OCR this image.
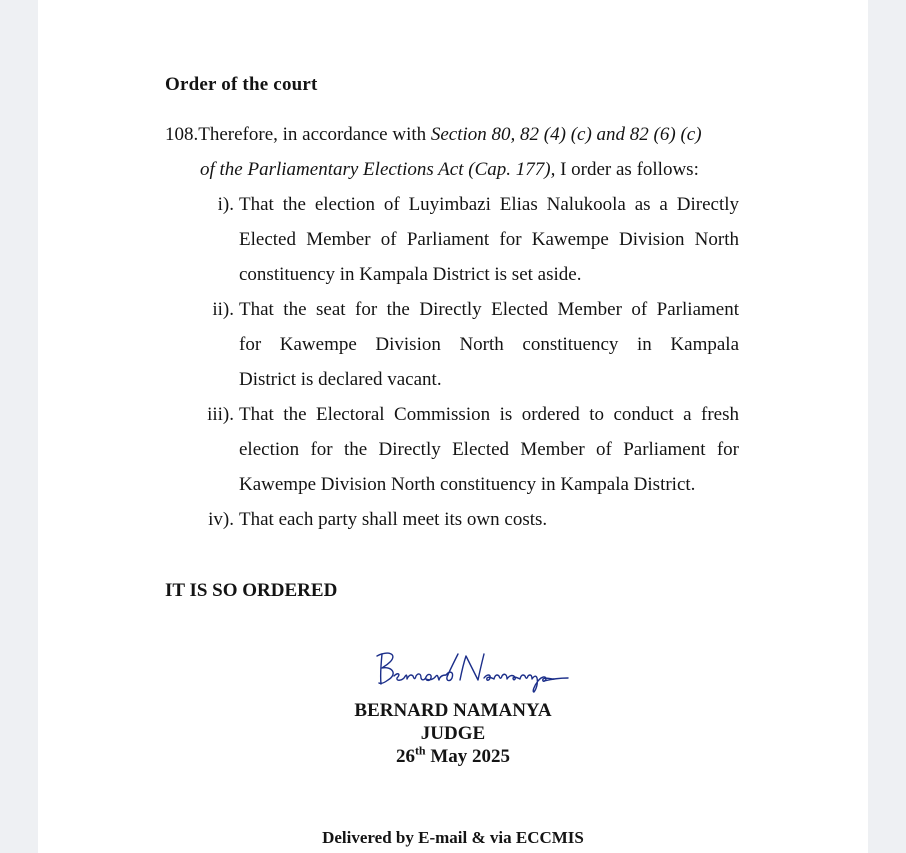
Order of the court
108.Therefore, in accordance with Section 80, 82 (4) (c) and 82 (6) (c)
of the Parliamentary Elections Act (Cap. 177), I order as follows:
i). That the election of Luyimbazi Elias Nalukoola as a Directly
Elected Member of Parliament for Kawempe Division North
constituency in Kampala District is set aside.
ii). That the seat for the Directly Elected Member of Parliament
for Kawempe Division North constituency in Kampala
District is declared vacant.
iii). That the Electoral Commission is ordered to conduct a fresh
election for the Directly Elected Member of Parliament for
Kawempe Division North constituency in Kampala District.
iv). That each party shall meet its own costs.
IT IS SO ORDERED
BERNARD NAMANYA
JUDGE
26th May 2025
Delivered by E-mail & via ECCMIS
